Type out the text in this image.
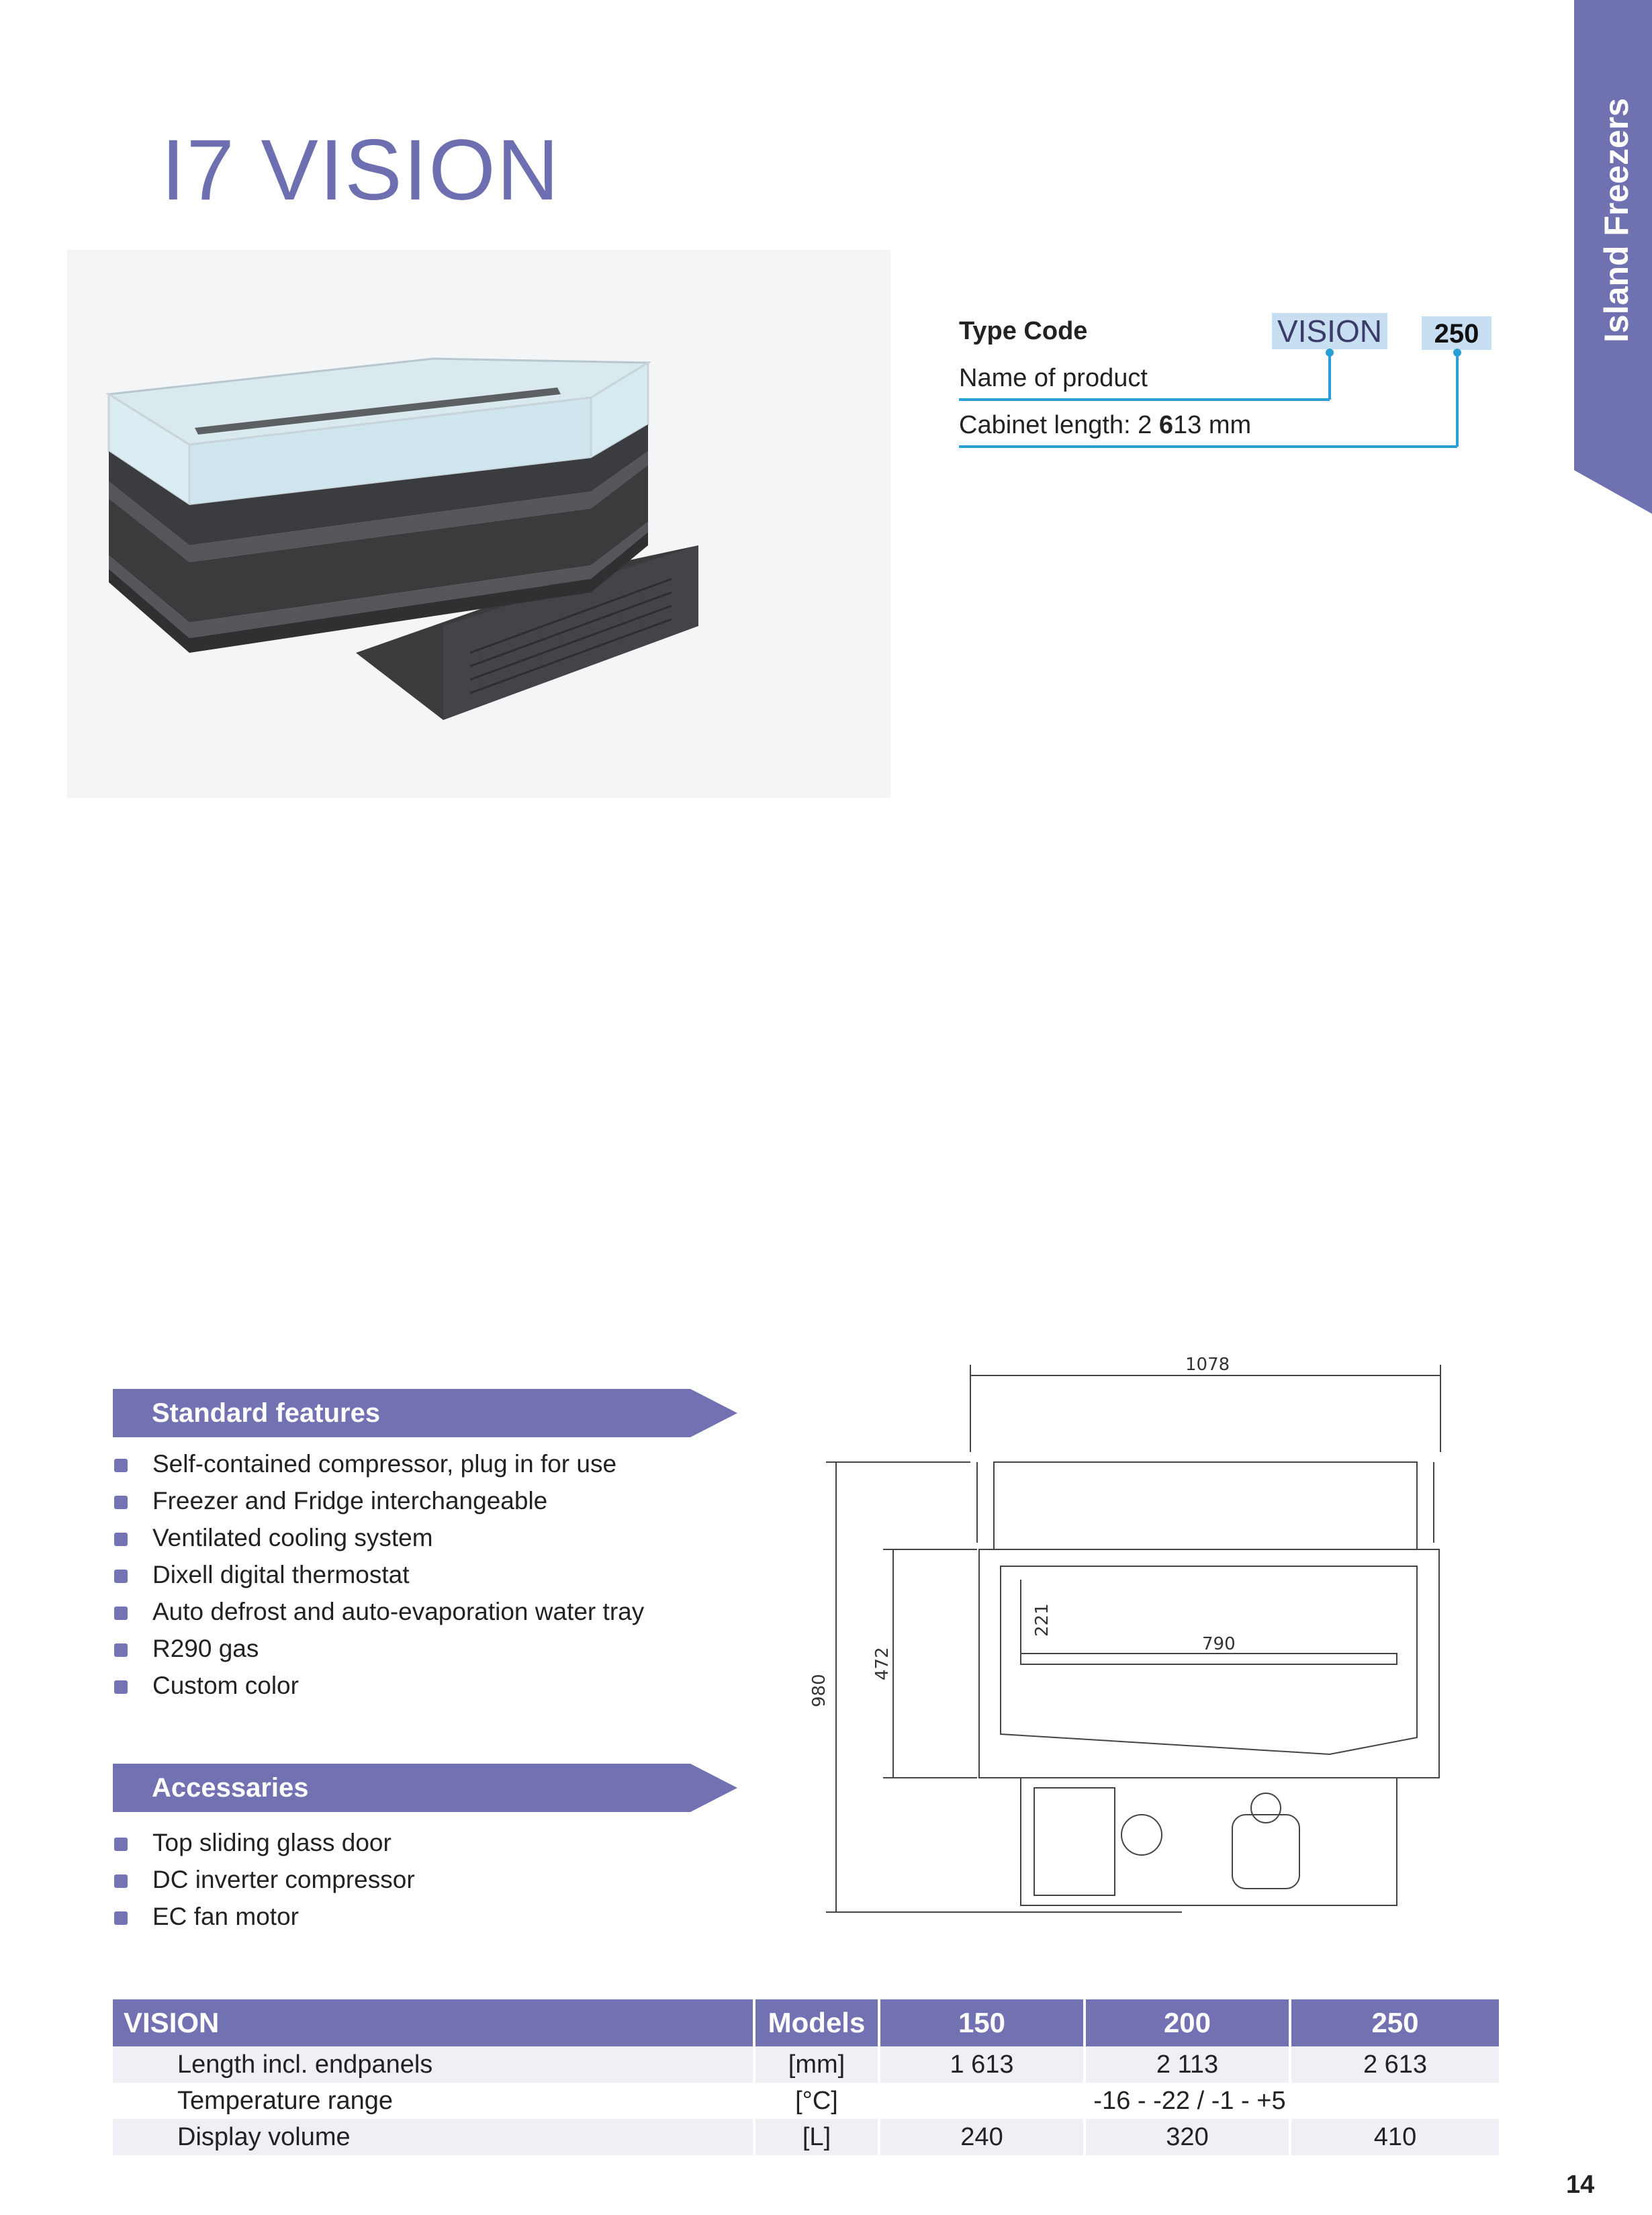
Island Freezers
I7 VISION
Type Code	VISION	250
Name of product
Cabinet length: 2 613 mm
Standard features
Self-contained compressor, plug in for use
Freezer and Fridge interchangeable
Ventilated cooling system
Dixell digital thermostat
Auto defrost and auto-evaporation water tray
R290 gas
Custom color
Accessaries
Top sliding glass door
DC inverter compressor
EC fan motor
1078
790
980
472
221
VISION	Models	150	200	250
Length incl. endpanels	[mm]	1 613	2 113	2 613
Temperature range	[°C]	-16 - -22 / -1 - +5		
Display volume	[L]	240	320	410
14
